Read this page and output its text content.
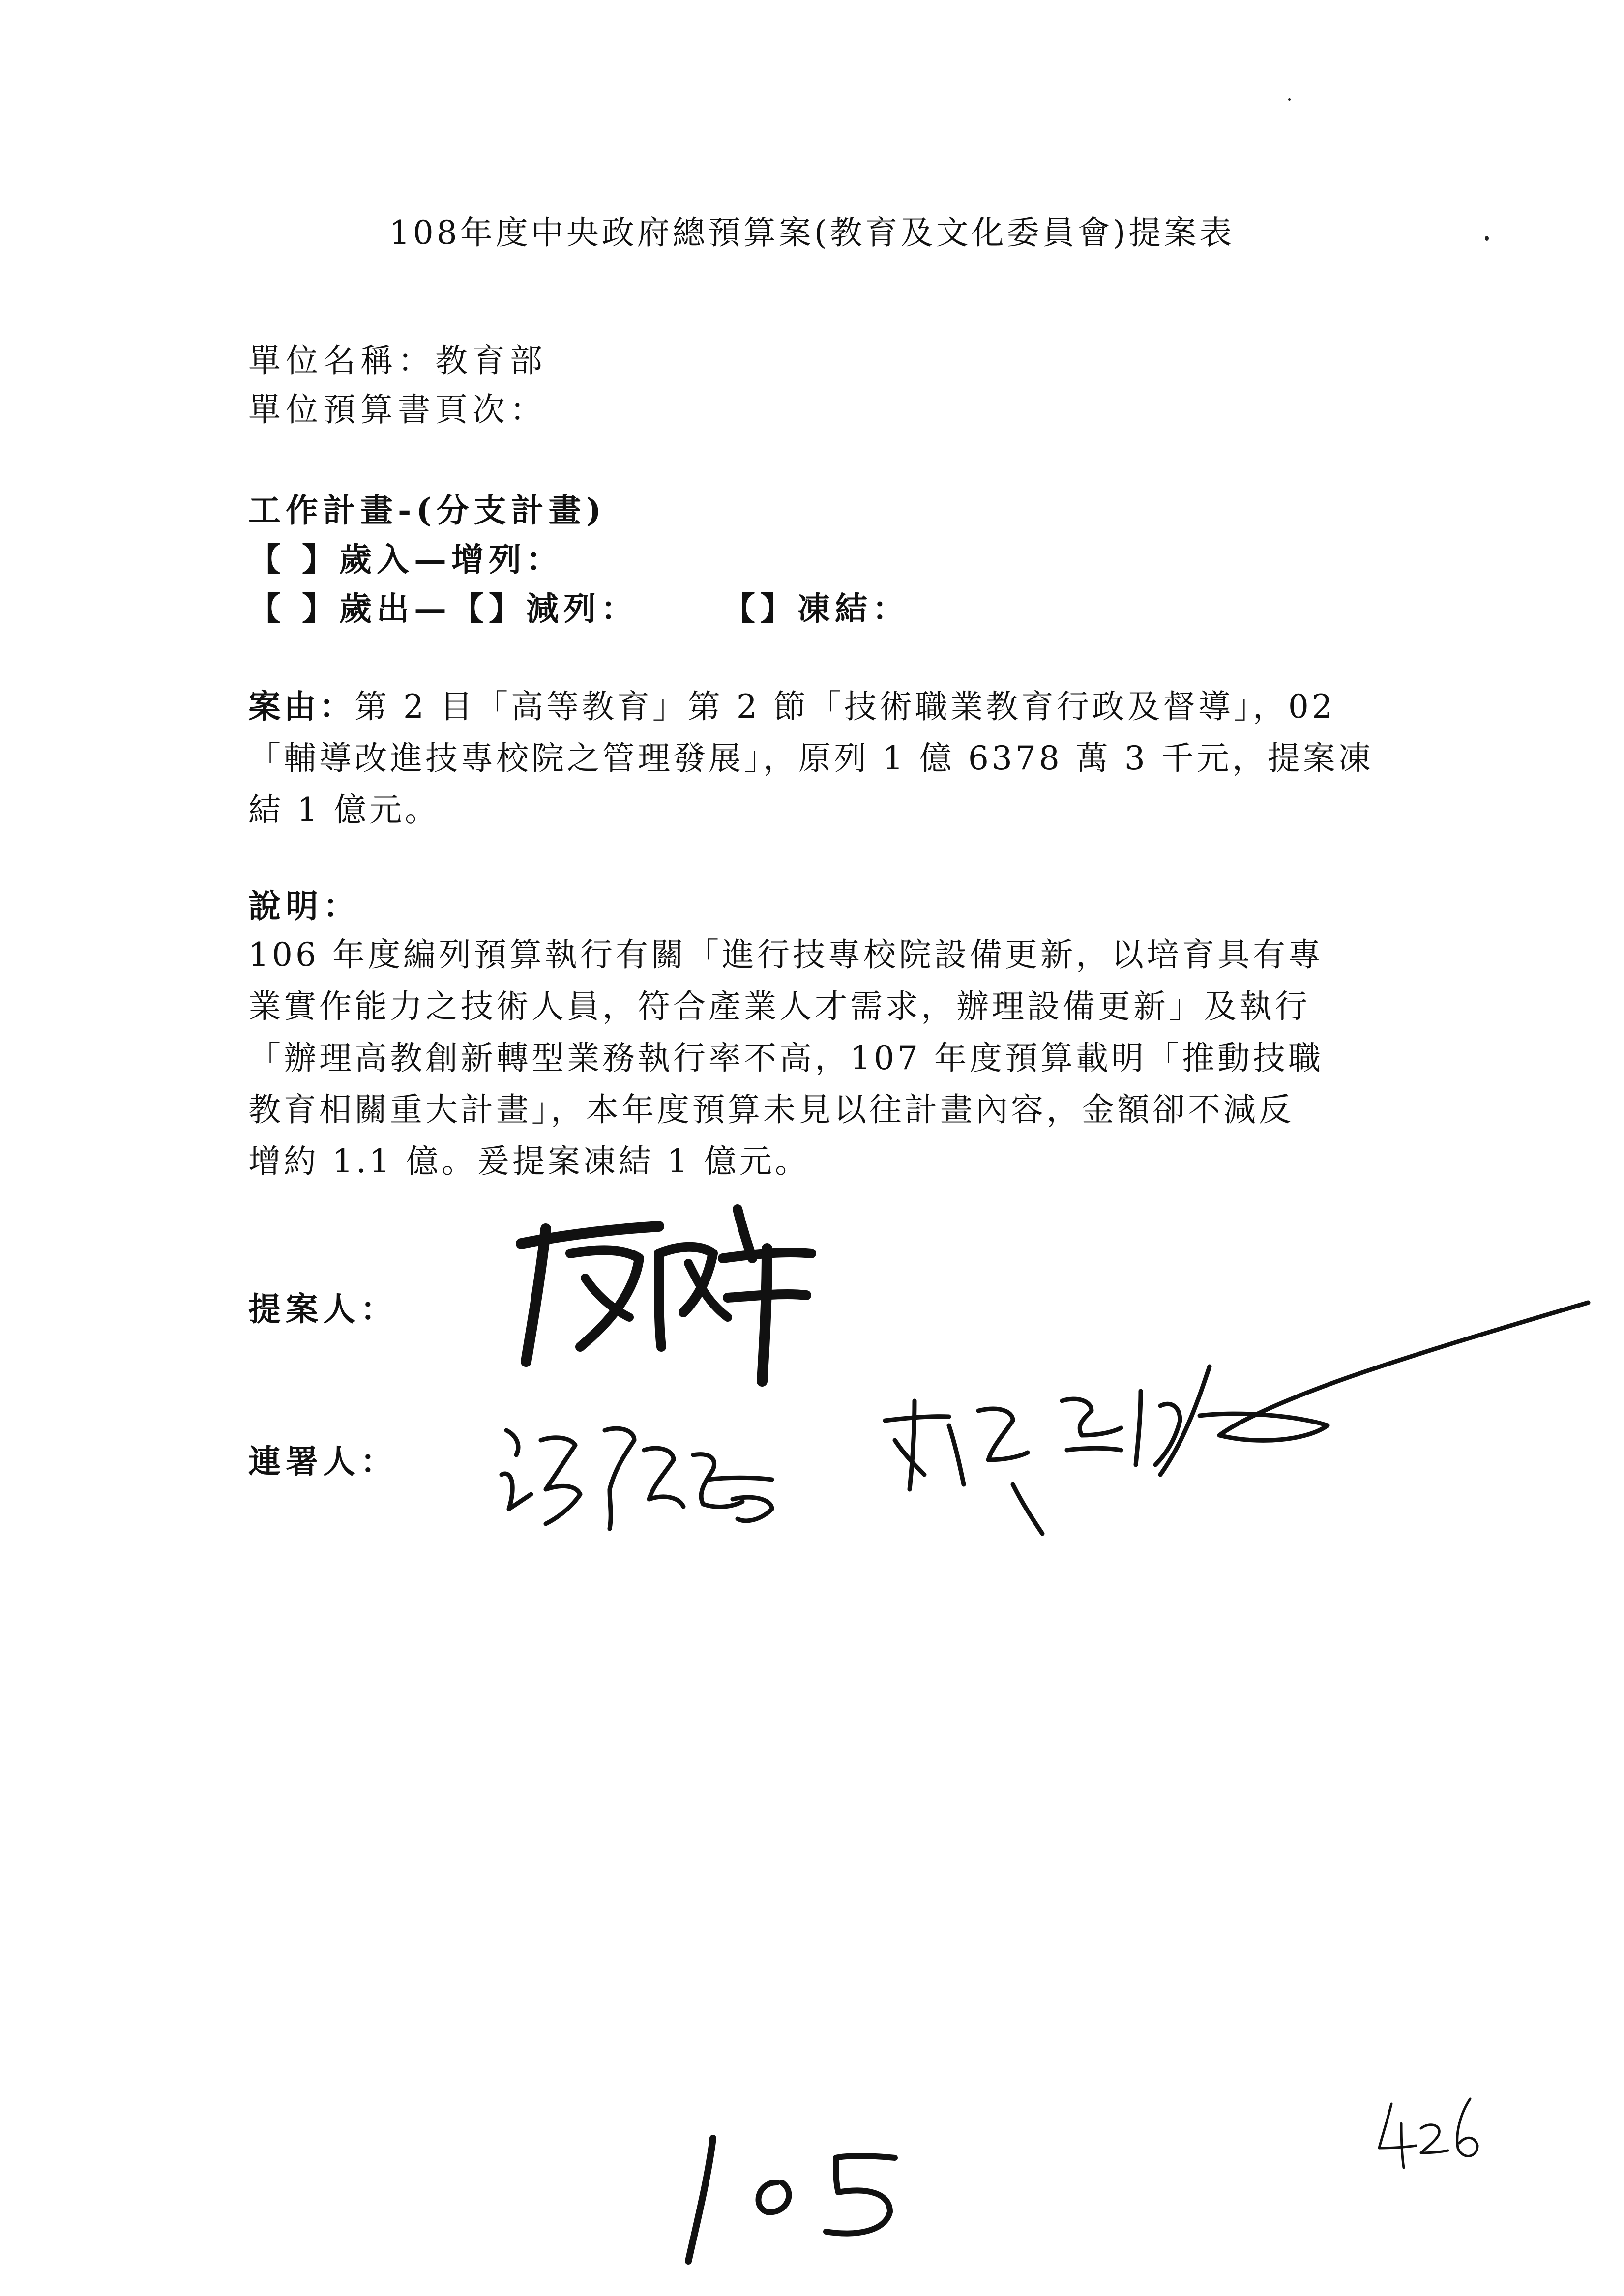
108年度中央政府總預算案(教育及文化委員會)提案表
單位名稱：教育部
單位預算書頁次：
工作計畫-(分支計畫)
【 】歲入—增列：
【 】歲出—【】減列：	【】凍結：
案由：第 2 目「高等教育」第 2 節「技術職業教育行政及督導」，02
「輔導改進技專校院之管理發展」，原列 1 億 6378 萬 3 千元，提案凍
結 1 億元。
說明：
106 年度編列預算執行有關「進行技專校院設備更新，以培育具有專
業實作能力之技術人員，符合產業人才需求，辦理設備更新」及執行
「辦理高教創新轉型業務執行率不高，107 年度預算載明「推動技職
教育相關重大計畫」，本年度預算未見以往計畫內容，金額卻不減反
增約 1.1 億。爰提案凍結 1 億元。
提案人：
連署人：
